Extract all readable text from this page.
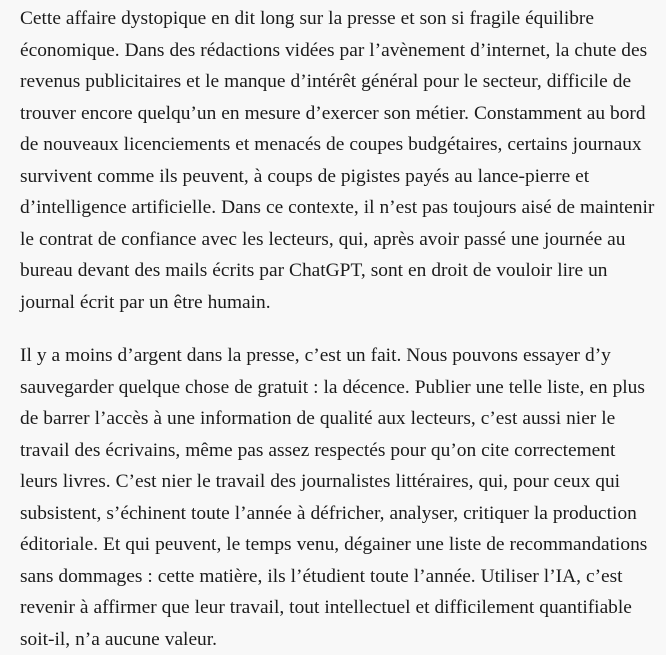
Cette affaire dystopique en dit long sur la presse et son si fragile équilibre économique. Dans des rédactions vidées par l’avènement d’internet, la chute des revenus publicitaires et le manque d’intérêt général pour le secteur, difficile de trouver encore quelqu’un en mesure d’exercer son métier. Constamment au bord de nouveaux licenciements et menacés de coupes budgétaires, certains journaux survivent comme ils peuvent, à coups de pigistes payés au lance-pierre et d’intelligence artificielle. Dans ce contexte, il n’est pas toujours aisé de maintenir le contrat de confiance avec les lecteurs, qui, après avoir passé une journée au bureau devant des mails écrits par ChatGPT, sont en droit de vouloir lire un journal écrit par un être humain.

Il y a moins d’argent dans la presse, c’est un fait. Nous pouvons essayer d’y sauvegarder quelque chose de gratuit : la décence. Publier une telle liste, en plus de barrer l’accès à une information de qualité aux lecteurs, c’est aussi nier le travail des écrivains, même pas assez respectés pour qu’on cite correctement leurs livres. C’est nier le travail des journalistes littéraires, qui, pour ceux qui subsistent, s’échinent toute l’année à défricher, analyser, critiquer la production éditoriale. Et qui peuvent, le temps venu, dégainer une liste de recommandations sans dommages : cette matière, ils l’étudient toute l’année. Utiliser l’IA, c’est revenir à affirmer que leur travail, tout intellectuel et difficilement quantifiable soit-il, n’a aucune valeur.
